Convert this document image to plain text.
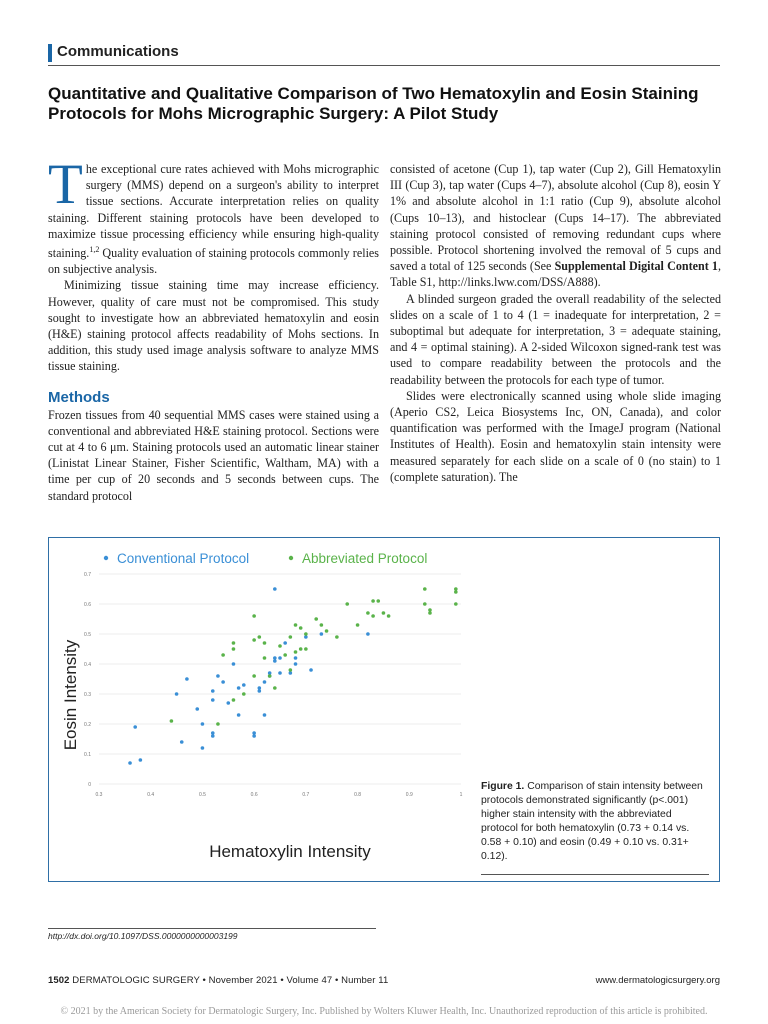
Communications
Quantitative and Qualitative Comparison of Two Hematoxylin and Eosin Staining Protocols for Mohs Micrographic Surgery: A Pilot Study

The exceptional cure rates achieved with Mohs micrographic surgery (MMS) depend on a surgeon's ability to interpret tissue sections. Accurate interpretation relies on quality staining. Different staining protocols have been developed to maximize tissue processing efficiency while ensuring high-quality staining.$^{1,2}$ Quality evaluation of staining protocols commonly relies on subjective analysis.

Minimizing tissue staining time may increase efficiency. However, quality of care must not be compromised. This study sought to investigate how an abbreviated hematoxylin and eosin (H&E) staining protocol affects readability of Mohs sections. In addition, this study used image analysis software to analyze MMS tissue staining.

Methods

Frozen tissues from 40 sequential MMS cases were stained using a conventional and abbreviated H&E staining protocol. Sections were cut at 4 to 6 μm. Staining protocols used an automatic linear stainer (Linistat Linear Stainer, Fisher Scientific, Waltham, MA) with a time per cup of 20 seconds and 5 seconds between cups. The standard protocol

consisted of acetone (Cup 1), tap water (Cup 2), Gill Hematoxylin III (Cup 3), tap water (Cups 4–7), absolute alcohol (Cup 8), eosin Y 1% and absolute alcohol in 1:1 ratio (Cup 9), absolute alcohol (Cups 10–13), and histoclear (Cups 14–17). The abbreviated staining protocol consisted of removing redundant cups where possible. Protocol shortening involved the removal of 5 cups and saved a total of 125 seconds (See Supplemental Digital Content 1, Table S1, http://links.lww.com/DSS/A888).

A blinded surgeon graded the overall readability of the selected slides on a scale of 1 to 4 (1 = inadequate for interpretation, 2 = suboptimal but adequate for interpretation, 3 = adequate staining, and 4 = optimal staining). A 2-sided Wilcoxon signed-rank test was used to compare readability between the protocols and the readability between the protocols for each type of tumor.

Slides were electronically scanned using whole slide imaging (Aperio CS2, Leica Biosystems Inc, ON, Canada), and color quantification was performed with the ImageJ program (National Institutes of Health). Eosin and hematoxylin stain intensity were measured separately for each slide on a scale of 0 (no stain) to 1 (complete saturation). The

0
0.1
0.2
0.3
0.4
0.5
0.6
0.7
0.3	0.4	0.5	0.6	0.7	0.8	0.9	1
Hematoxylin Intensity
Eosin Intensity
Conventional Protocol	Abbreviated Protocol
Figure 1. Comparison of stain intensity between protocols demonstrated significantly (p<.001) higher stain intensity with the abbreviated protocol for both hematoxylin (0.73 + 0.14 vs. 0.58 + 0.10) and eosin (0.49 + 0.10 vs. 0.31+ 0.12).
http://dx.doi.org/10.1097/DSS.0000000000003199
1502 DERMATOLOGIC SURGERY • November 2021 • Volume 47 • Number 11	www.dermatologicsurgery.org
© 2021 by the American Society for Dermatologic Surgery, Inc. Published by Wolters Kluwer Health, Inc. Unauthorized reproduction of this article is prohibited.
